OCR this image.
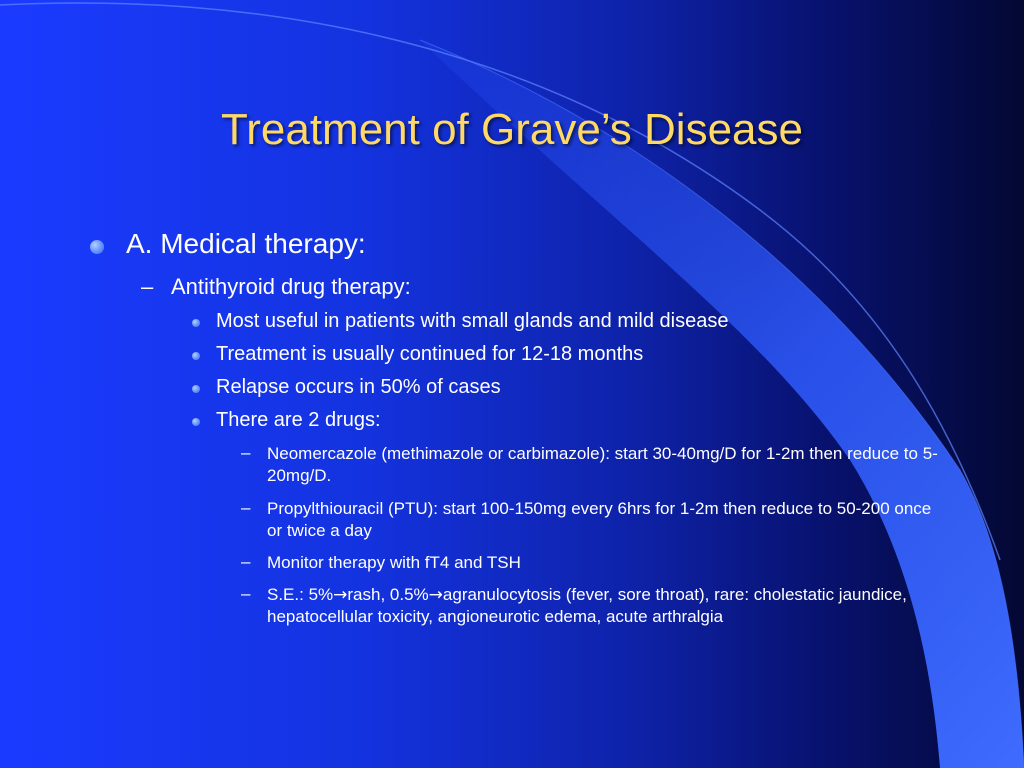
Treatment of Grave’s Disease
A. Medical therapy:
– Antithyroid drug therapy:
Most useful in patients with small glands and mild disease
Treatment is usually continued for 12-18 months
Relapse occurs in 50% of cases
There are 2 drugs:
– Neomercazole (methimazole or carbimazole): start 30-40mg/D for 1-2m then reduce to 5-20mg/D.
– Propylthiouracil (PTU): start 100-150mg every 6hrs for 1-2m then reduce to 50-200 once or twice a day
– Monitor therapy with fT4 and TSH
– S.E.: 5%→rash, 0.5%→agranulocytosis (fever, sore throat), rare: cholestatic jaundice, hepatocellular toxicity, angioneurotic edema, acute arthralgia
